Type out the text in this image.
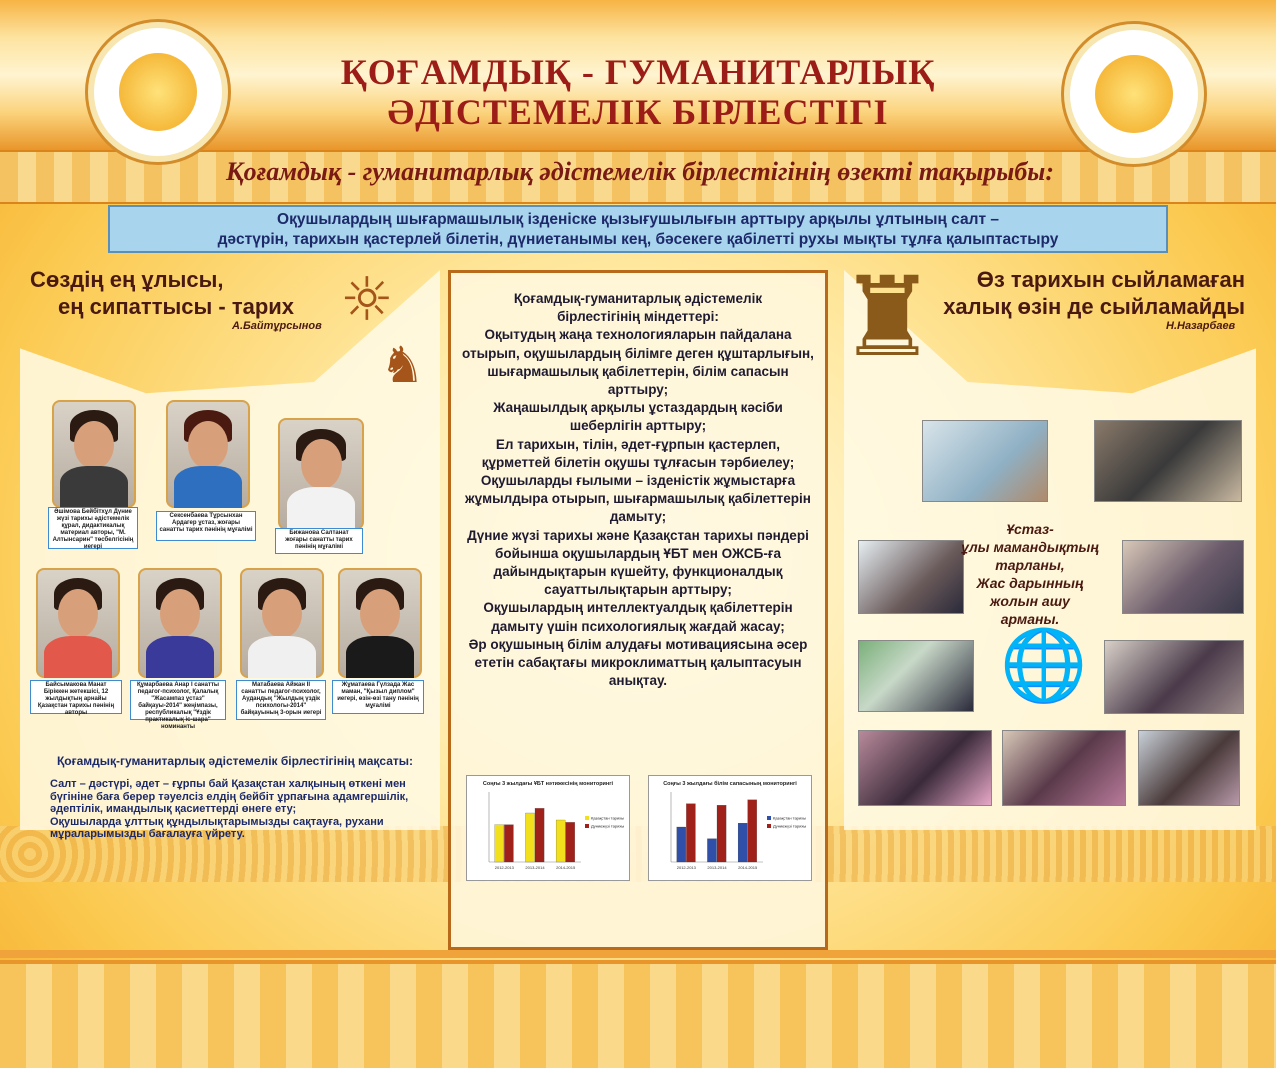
ҚОҒАМДЫҚ - ГУМАНИТАРЛЫҚ
ӘДІСТЕМЕЛІК БІРЛЕСТІГІ
Қоғамдық - гуманитарлық әдістемелік бірлестігінің өзекті тақырыбы:
Оқушылардың шығармашылық ізденіске қызығушылығын арттыру арқылы ұлтының салт –
дәстүрін, тарихын қастерлей білетін, дүниетанымы кең, бәсекеге қабілетті рухы мықты тұлға қалыптастыру
Сөздің ең ұлысы,
ең сипаттысы - тарих
А.Байтұрсынов ☼
♞
Өз тарихын сыйламаған
халық өзін де сыйламайды
Н.Назарбаев
♜
Әшімова Бейбітхұл Дүние жүзі тарихы әдістемелік құрал, дидактикалық материал авторы, "М. Алтынсарин" төсбелгісінің иегері
Сексенбаева Тұрсынхан Ардагер ұстаз, жоғары санатты тарих пәнінің мұғалімі	Бижанова Салтанат жоғары санатты тарих пәнінің мұғалімі
Байсымакова Манат Біріккен жетекшісі, 12 жылдықтың арнайы Қазақстан тарихы пәнінің авторы
Құмарбаева Анар I санатты педагог-психолог, Қалалық "Жасампаз ұстаз" байқауы-2014" жеңімпазы, республикалық "Ұздік практикалық іс-шара" номинанты
Матабаева Айжан II санатты педагог-психолог, Аудандық "Жылдың үздік психологы-2014" байқауының 3-орын иегері
Жұматаева Гүлзада Жас маман, "Қызыл диплом" иегері, өзін-өзі тану пәнінің мұғалімі
Қоғамдық-гуманитарлық әдістемелік бірлестігінің мақсаты:
Салт – дәстүрі, әдет – ғұрпы бай Қазақстан халқының өткені мен
бүгініне баға берер тәуелсіз елдің бейбіт ұрпағына адамгершілік,
әдептілік, имандылық қасиеттерді өнеге ету;
Оқушыларда ұлттық құндылықтарымызды сақтауға, рухани
мұраларымызды бағалауға үйрету.
Қоғамдық-гуманитарлық әдістемелік
бірлестігінің міндеттері:
Оқытудың жаңа технологияларын пайдалана
отырып, оқушылардың білімге деген құштарлығын,
шығармашылық қабілеттерін, білім сапасын
арттыру;
Жаңашылдық арқылы ұстаздардың кәсіби
шеберлігін арттыру;
Ел тарихын, тілін, әдет-ғұрпын қастерлеп,
құрметтей білетін оқушы тұлғасын тәрбиелеу;
Оқушыларды ғылыми – ізденістік жұмыстарға
жұмылдыра отырып, шығармашылық қабілеттерін
дамыту;
Дүние жүзі тарихы және Қазақстан тарихы пәндері
бойынша оқушылардың ҰБТ мен ОЖСБ-ға
дайындықтарын күшейту, функционалдық
сауаттылықтарын арттыру;
Оқушылардың интеллектуалдық қабілеттерін
дамыту үшін психологиялық жағдай жасау;
Әр оқушының білім алудағы мотивациясына әсер
ететін сабақтағы микроклиматтың қалыптасуын
анықтау.
Соңғы 3 жылдағы ҰБТ нәтижесінің мониторингі
2012-2013	2013-2014	2014-2015
Қазақстан тарихы
Дүниежүзі тарихы
Соңғы 3 жылдағы білім сапасының мониторингі
2012-2013	2013-2014	2014-2015
Қазақстан тарихы
Дүниежүзі тарихы
🌐
Ұстаз-
ұлы мамандықтың
тарланы,
Жас дарынның
жолын ашу
арманы.
